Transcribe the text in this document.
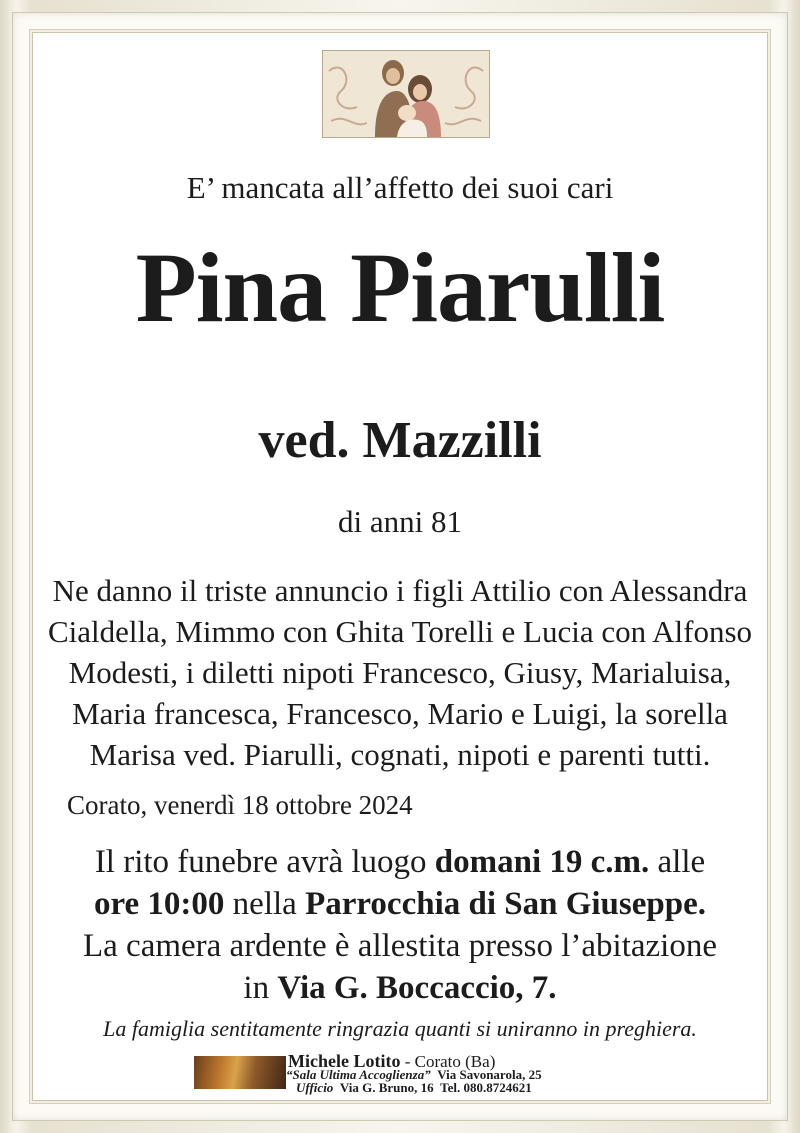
E’ mancata all’affetto dei suoi cari
Pina Piarulli
ved. Mazzilli
di anni 81
Ne danno il triste annuncio i figli Attilio con Alessandra
Cialdella, Mimmo con Ghita Torelli e Lucia con Alfonso
Modesti, i diletti nipoti Francesco, Giusy, Marialuisa,
Maria francesca, Francesco, Mario e Luigi, la sorella
Marisa ved. Piarulli, cognati, nipoti e parenti tutti.
Corato, venerdì 18 ottobre 2024
Il rito funebre avrà luogo domani 19 c.m. alle
ore 10:00 nella Parrocchia di San Giuseppe.
La camera ardente è allestita presso l’abitazione
in Via G. Boccaccio, 7.
La famiglia sentitamente ringrazia quanti si uniranno in preghiera.
Michele Lotito - Corato (Ba)
“Sala Ultima Accoglienza” Via Savonarola, 25
Ufficio Via G. Bruno, 16 Tel. 080.8724621
